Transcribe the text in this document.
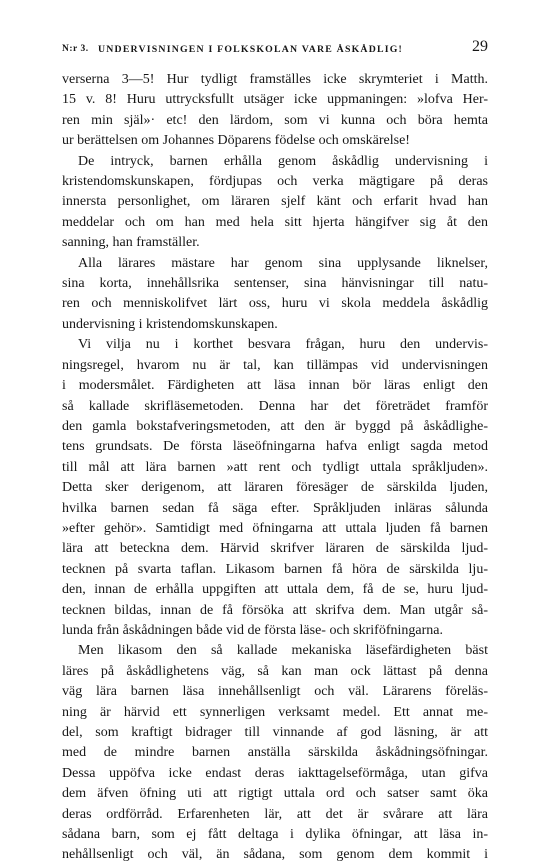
N:r 3. UNDERVISNINGEN I FOLKSKOLAN VARE ÅSKÅDLIG!	29
verserna 3—5! Hur tydligt framställes icke skrymteriet i Matth.
15 v. 8! Huru uttrycksfullt utsäger icke uppmaningen: »lofva Her-
ren min själ»· etc! den lärdom, som vi kunna och böra hemta
ur berättelsen om Johannes Döparens födelse och omskärelse!
De intryck, barnen erhålla genom åskådlig undervisning i
kristendomskunskapen, fördjupas och verka mägtigare på deras
innersta personlighet, om läraren sjelf känt och erfarit hvad han
meddelar och om han med hela sitt hjerta hängifver sig åt den
sanning, han framställer.
Alla lärares mästare har genom sina upplysande liknelser,
sina korta, innehållsrika sentenser, sina hänvisningar till natu-
ren och menniskolifvet lärt oss, huru vi skola meddela åskådlig
undervisning i kristendomskunskapen.
Vi vilja nu i korthet besvara frågan, huru den undervis-
ningsregel, hvarom nu är tal, kan tillämpas vid undervisningen
i modersmålet. Färdigheten att läsa innan bör läras enligt den
så kallade skrifläsemetoden. Denna har det företrädet framför
den gamla bokstafveringsmetoden, att den är byggd på åskådlighe-
tens grundsats. De första läseöfningarna hafva enligt sagda metod
till mål att lära barnen »att rent och tydligt uttala språkljuden».
Detta sker derigenom, att läraren föresäger de särskilda ljuden,
hvilka barnen sedan få säga efter. Språkljuden inläras sålunda
»efter gehör». Samtidigt med öfningarna att uttala ljuden få barnen
lära att beteckna dem. Härvid skrifver läraren de särskilda ljud-
tecknen på svarta taflan. Likasom barnen få höra de särskilda lju-
den, innan de erhålla uppgiften att uttala dem, få de se, huru ljud-
tecknen bildas, innan de få försöka att skrifva dem. Man utgår så-
lunda från åskådningen både vid de första läse- och skriföfningarna.
Men likasom den så kallade mekaniska läsefärdigheten bäst
läres på åskådlighetens väg, så kan man ock lättast på denna
väg lära barnen läsa innehållsenligt och väl. Lärarens föreläs-
ning är härvid ett synnerligen verksamt medel. Ett annat me-
del, som kraftigt bidrager till vinnande af god läsning, är att
med de mindre barnen anställa särskilda åskådningsöfningar.
Dessa uppöfva icke endast deras iakttagelseförmåga, utan gifva
dem äfven öfning uti att rigtigt uttala ord och satser samt öka
deras ordförråd. Erfarenheten lär, att det är svårare att lära
sådana barn, som ej fått deltaga i dylika öfningar, att läsa in-
nehållsenligt och väl, än sådana, som genom dem kommit i
